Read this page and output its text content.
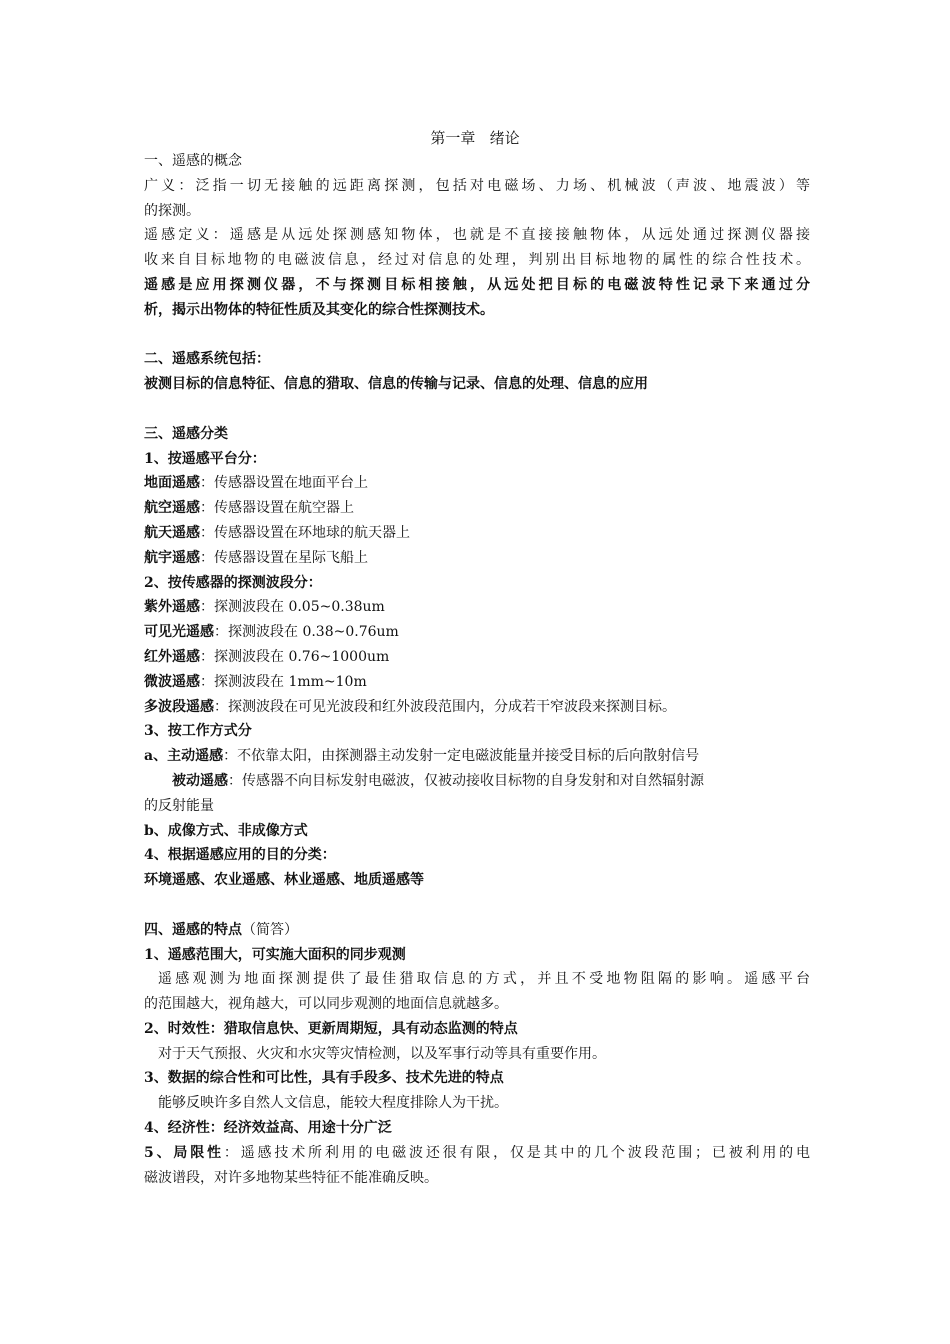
第一章   绪论

一、遥感的概念

广义：泛指一切无接触的远距离探测，包括对电磁场、力场、机械波（声波、地震波）等

的探测。

遥感定义：遥感是从远处探测感知物体，也就是不直接接触物体，从远处通过探测仪器接

收来自目标地物的电磁波信息，经过对信息的处理，判别出目标地物的属性的综合性技术。

遥感是应用探测仪器，不与探测目标相接触，从远处把目标的电磁波特性记录下来通过分

析，揭示出物体的特征性质及其变化的综合性探测技术。

二、遥感系统包括：

被测目标的信息特征、信息的猎取、信息的传输与记录、信息的处理、信息的应用

三、遥感分类

1、按遥感平台分：

地面遥感：传感器设置在地面平台上

航空遥感：传感器设置在航空器上

航天遥感：传感器设置在环地球的航天器上

航宇遥感：传感器设置在星际飞船上

2、按传感器的探测波段分：

紫外遥感：探测波段在 0.05~0.38um

可见光遥感：探测波段在 0.38~0.76um

红外遥感：探测波段在 0.76~1000um

微波遥感：探测波段在 1mm~10m

多波段遥感：探测波段在可见光波段和红外波段范围内，分成若干窄波段来探测目标。

3、按工作方式分

a、主动遥感：不依靠太阳，由探测器主动发射一定电磁波能量并接受目标的后向散射信号

被动遥感：传感器不向目标发射电磁波，仅被动接收目标物的自身发射和对自然辐射源

的反射能量

b、成像方式、非成像方式

4、根据遥感应用的目的分类：

环境遥感、农业遥感、林业遥感、地质遥感等

四、遥感的特点（简答）

1、遥感范围大，可实施大面积的同步观测

遥感观测为地面探测提供了最佳猎取信息的方式，并且不受地物阻隔的影响。遥感平台

的范围越大，视角越大，可以同步观测的地面信息就越多。

2、时效性：猎取信息快、更新周期短，具有动态监测的特点

对于天气预报、火灾和水灾等灾情检测，以及军事行动等具有重要作用。

3、数据的综合性和可比性，具有手段多、技术先进的特点

能够反映许多自然人文信息，能较大程度排除人为干扰。

4、经济性：经济效益高、用途十分广泛

5、局限性：遥感技术所利用的电磁波还很有限，仅是其中的几个波段范围；已被利用的电

磁波谱段，对许多地物某些特征不能准确反映。
